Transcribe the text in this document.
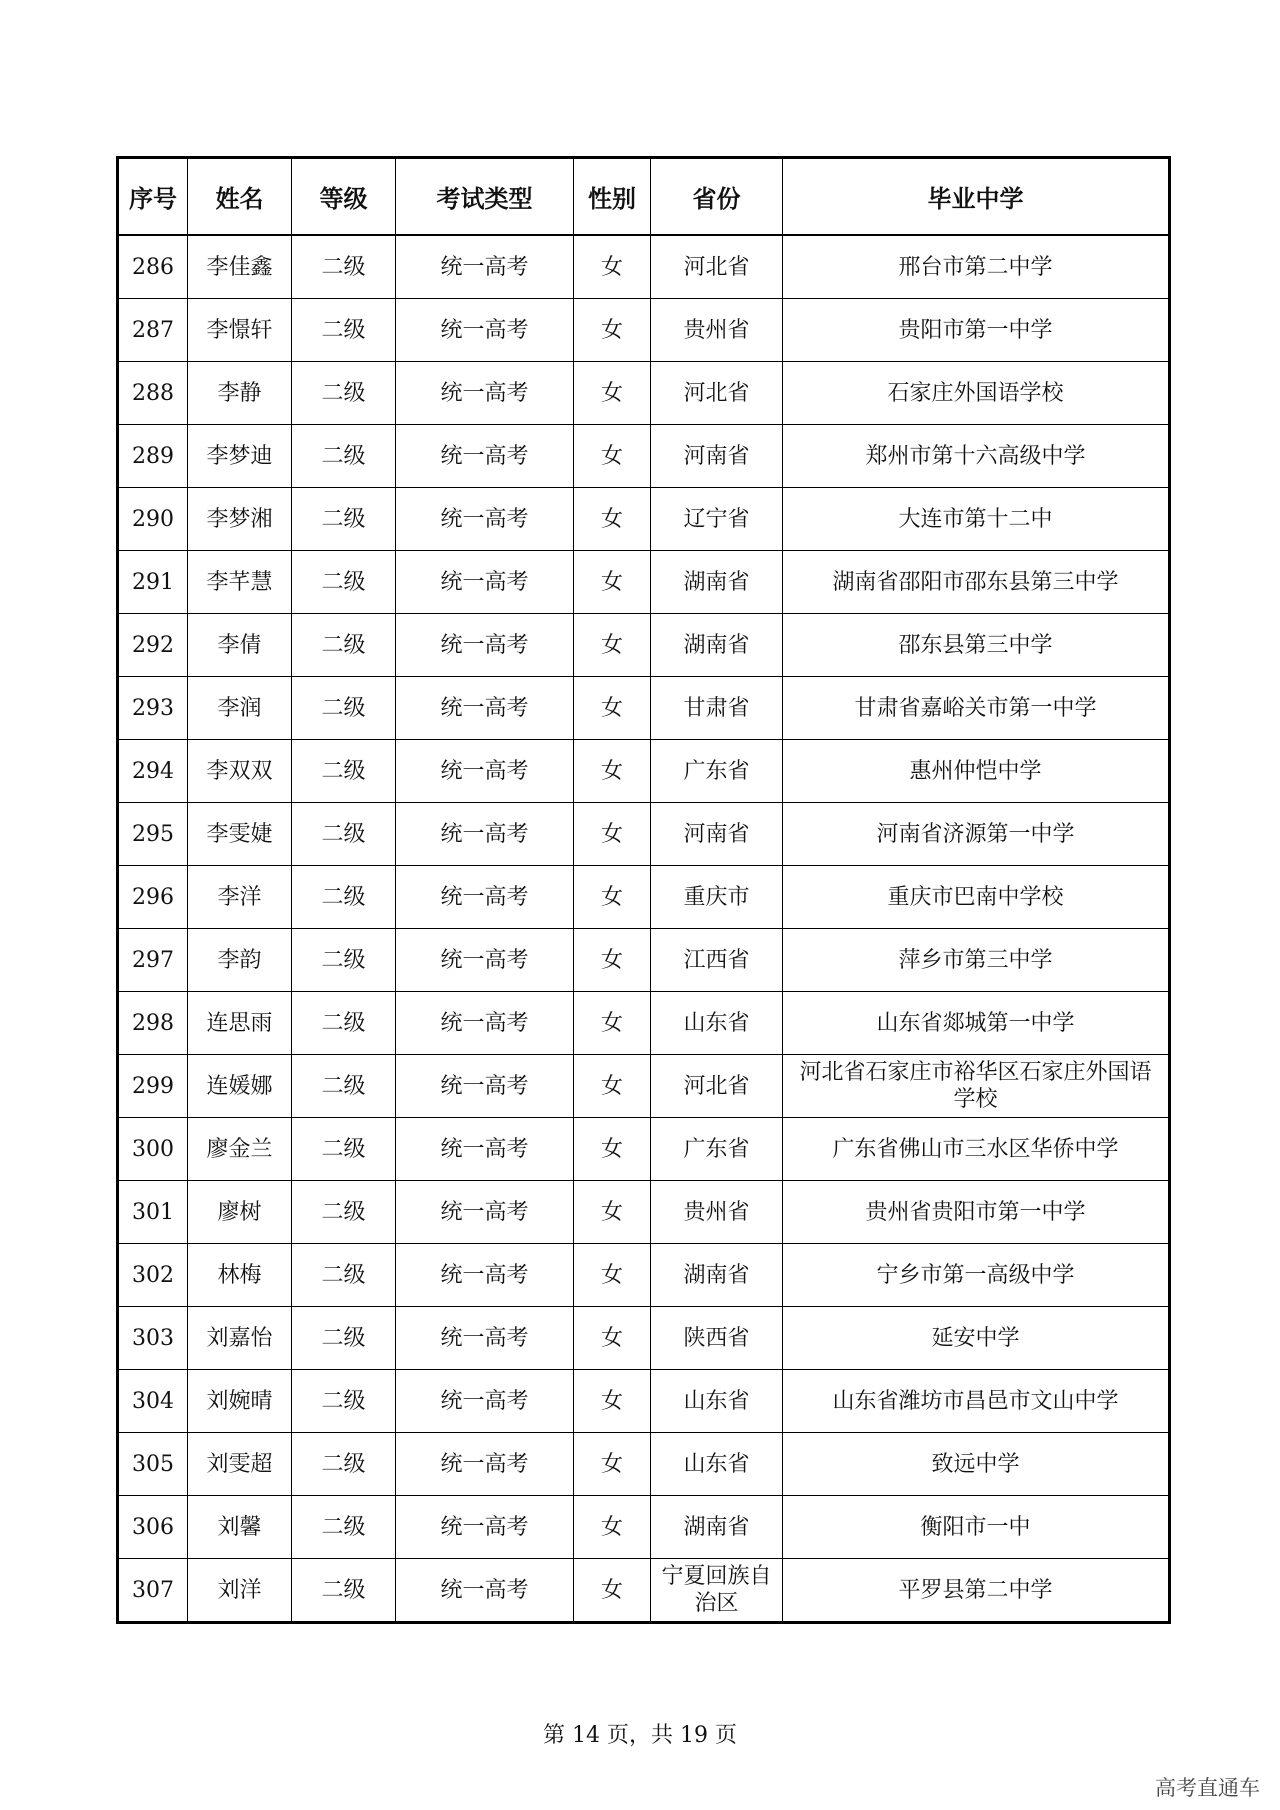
序号	姓名	等级	考试类型	性别	省份	毕业中学
286	李佳鑫	二级	统一高考	女	河北省	邢台市第二中学
287	李憬轩	二级	统一高考	女	贵州省	贵阳市第一中学
288	李静	二级	统一高考	女	河北省	石家庄外国语学校
289	李梦迪	二级	统一高考	女	河南省	郑州市第十六高级中学
290	李梦湘	二级	统一高考	女	辽宁省	大连市第十二中
291	李芊慧	二级	统一高考	女	湖南省	湖南省邵阳市邵东县第三中学
292	李倩	二级	统一高考	女	湖南省	邵东县第三中学
293	李润	二级	统一高考	女	甘肃省	甘肃省嘉峪关市第一中学
294	李双双	二级	统一高考	女	广东省	惠州仲恺中学
295	李雯婕	二级	统一高考	女	河南省	河南省济源第一中学
296	李洋	二级	统一高考	女	重庆市	重庆市巴南中学校
297	李韵	二级	统一高考	女	江西省	萍乡市第三中学
298	连思雨	二级	统一高考	女	山东省	山东省郯城第一中学
299	连媛娜	二级	统一高考	女	河北省	河北省石家庄市裕华区石家庄外国语学校
300	廖金兰	二级	统一高考	女	广东省	广东省佛山市三水区华侨中学
301	廖树	二级	统一高考	女	贵州省	贵州省贵阳市第一中学
302	林梅	二级	统一高考	女	湖南省	宁乡市第一高级中学
303	刘嘉怡	二级	统一高考	女	陕西省	延安中学
304	刘婉晴	二级	统一高考	女	山东省	山东省潍坊市昌邑市文山中学
305	刘雯超	二级	统一高考	女	山东省	致远中学
306	刘馨	二级	统一高考	女	湖南省	衡阳市一中
307	刘洋	二级	统一高考	女	宁夏回族自治区	平罗县第二中学
第 14 页，共 19 页
高考直通车
